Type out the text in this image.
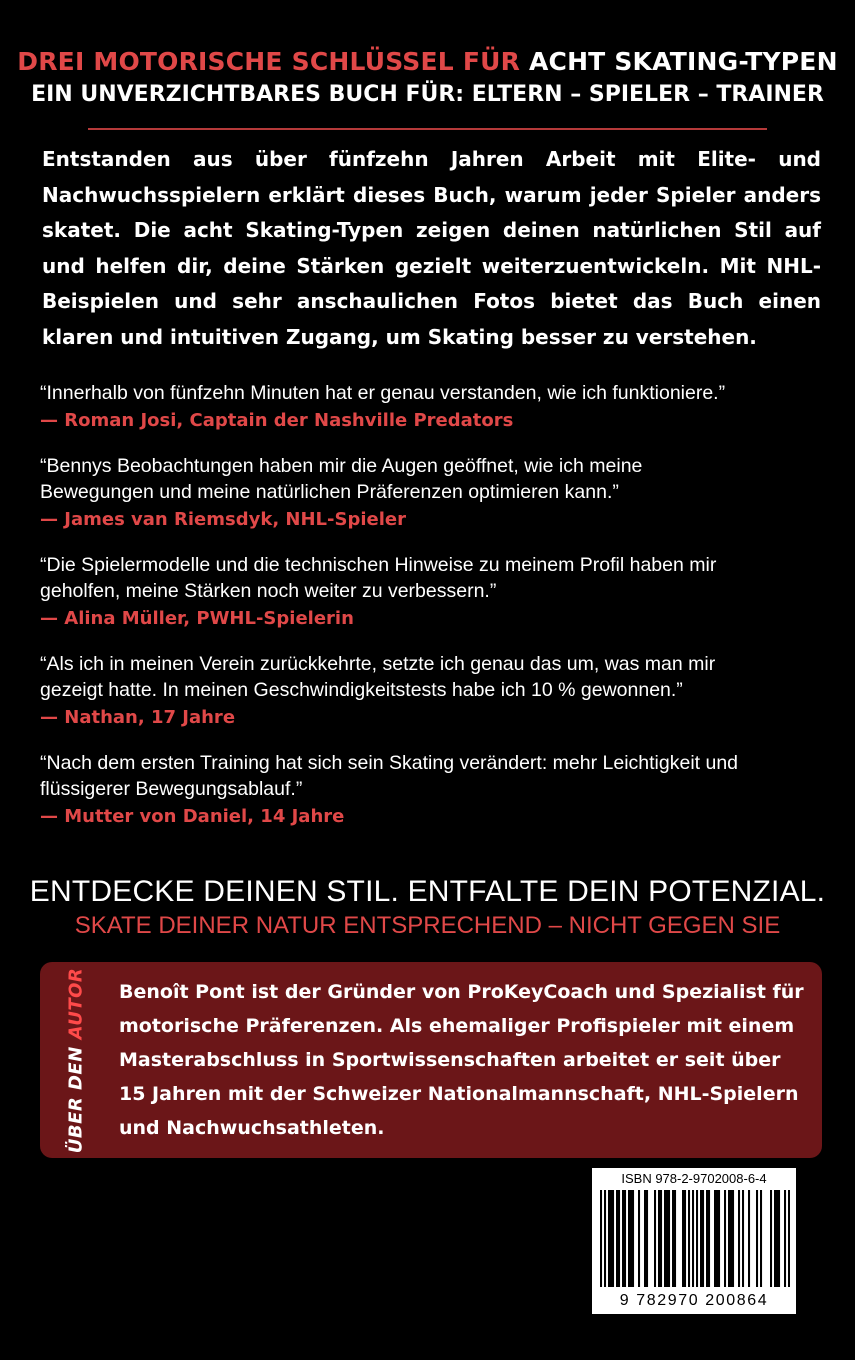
DREI MOTORISCHE SCHLÜSSEL FÜR ACHT SKATING-TYPEN
EIN UNVERZICHTBARES BUCH FÜR: ELTERN – SPIELER – TRAINER
Entstanden aus über fünfzehn Jahren Arbeit mit Elite- und Nachwuchsspielern erklärt dieses Buch, warum jeder Spieler anders skatet. Die acht Skating-Typen zeigen deinen natürlichen Stil auf und helfen dir, deine Stärken gezielt weiterzuentwickeln. Mit NHL-Beispielen und sehr anschaulichen Fotos bietet das Buch einen klaren und intuitiven Zugang, um Skating besser zu verstehen.
“Innerhalb von fünfzehn Minuten hat er genau verstanden, wie ich funktioniere.”
— Roman Josi, Captain der Nashville Predators
“Bennys Beobachtungen haben mir die Augen geöffnet, wie ich meine
Bewegungen und meine natürlichen Präferenzen optimieren kann.”
— James van Riemsdyk, NHL-Spieler
“Die Spielermodelle und die technischen Hinweise zu meinem Profil haben mir
geholfen, meine Stärken noch weiter zu verbessern.”
— Alina Müller, PWHL-Spielerin
“Als ich in meinen Verein zurückkehrte, setzte ich genau das um, was man mir
gezeigt hatte. In meinen Geschwindigkeitstests habe ich 10 % gewonnen.”
— Nathan, 17 Jahre
“Nach dem ersten Training hat sich sein Skating verändert: mehr Leichtigkeit und
flüssigerer Bewegungsablauf.”
— Mutter von Daniel, 14 Jahre
ENTDECKE DEINEN STIL. ENTFALTE DEIN POTENZIAL.
SKATE DEINER NATUR ENTSPRECHEND – NICHT GEGEN SIE
ÜBER DEN AUTOR Benoît Pont ist der Gründer von ProKeyCoach und Spezialist für
motorische Präferenzen. Als ehemaliger Profispieler mit einem
Masterabschluss in Sportwissenschaften arbeitet er seit über
15 Jahren mit der Schweizer Nationalmannschaft, NHL-Spielern
und Nachwuchsathleten.
ISBN 978-2-9702008-6-4
9 782970 200864
